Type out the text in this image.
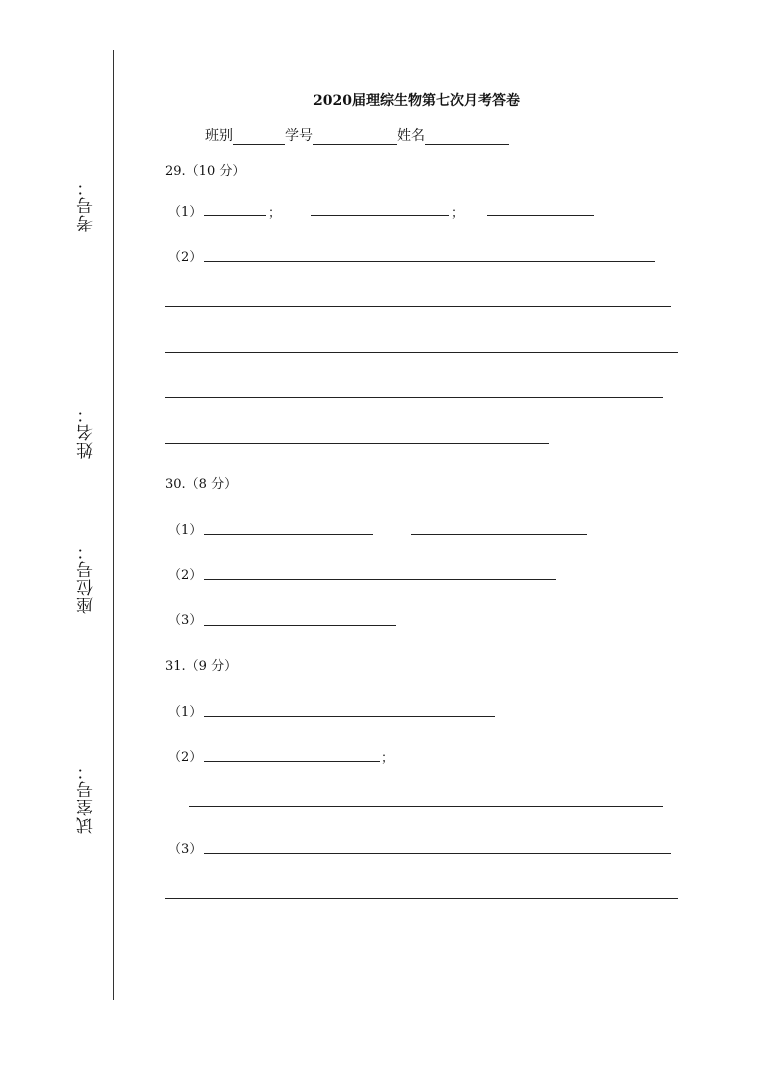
考号：
姓名：
座位号：
试室号：
2020届理综生物第七次月考答卷
班别	学号	姓名
29.（10 分）
（1）	；	；
（2）
30.（8 分）
（1）
（2）
（3）
31.（9 分）
（1）
（2）	；
（3）
